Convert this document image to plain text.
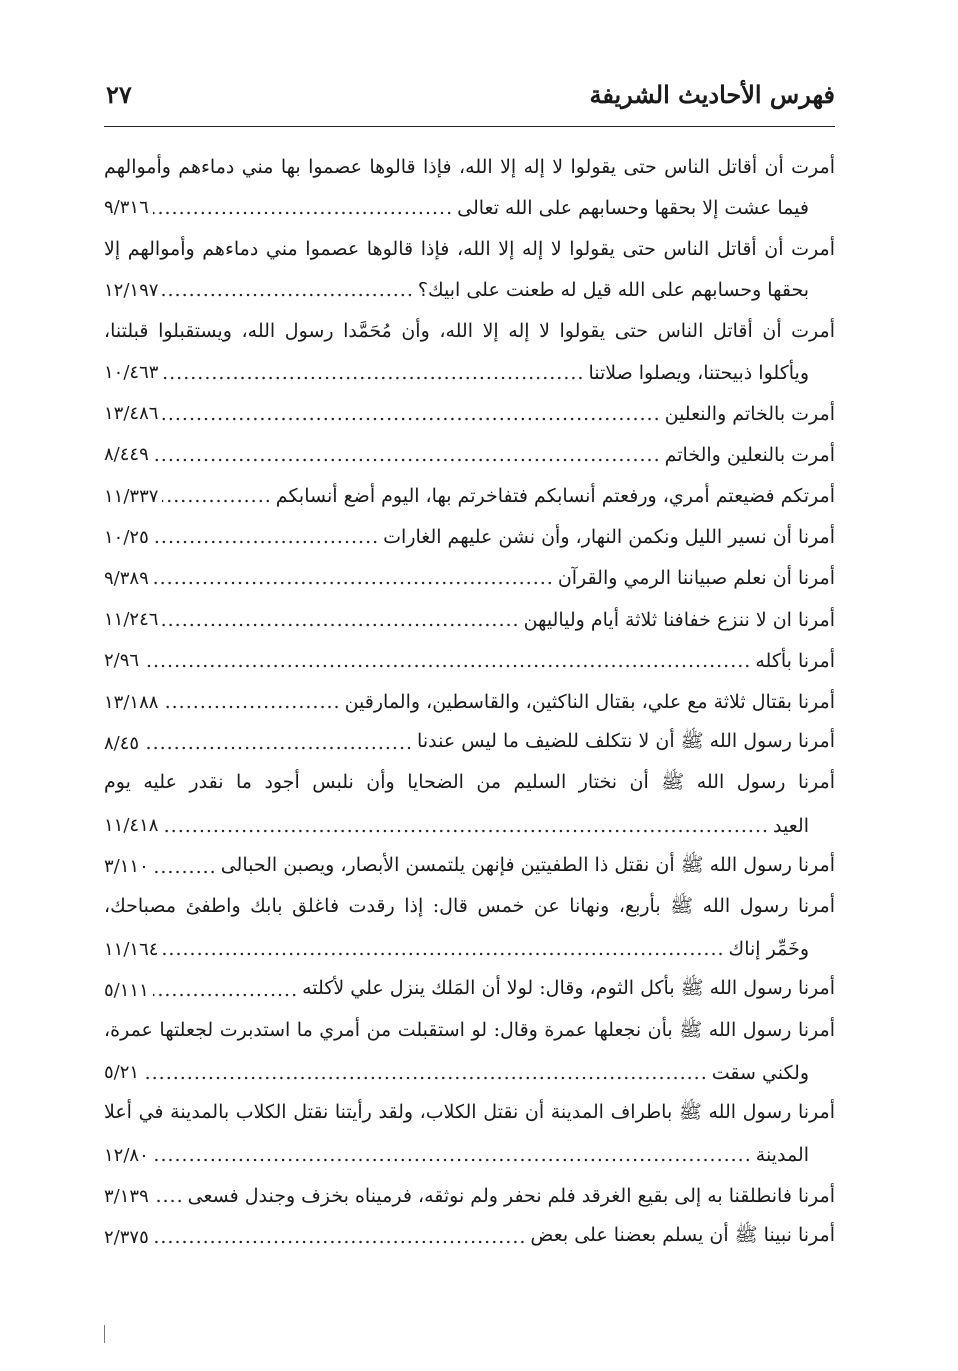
فهرس الأحاديث الشريفة
٢٧
أمرت أن أقاتل الناس حتى يقولوا لا إله إلا الله، فإذا قالوها عصموا بها مني دماءهم وأموالهم
فيما عشت إلا بحقها وحسابهم على الله تعالى
.....
٩/٣١٦
أمرت أن أقاتل الناس حتى يقولوا لا إله إلا الله، فإذا قالوها عصموا مني دماءهم وأموالهم إلا
بحقها وحسابهم على الله قيل له طعنت على ابيك؟
.....
١٢/١٩٧
أمرت أن أقاتل الناس حتى يقولوا لا إله إلا الله، وأن مُحَمَّدا رسول الله، ويستقبلوا قبلتنا،
ويأكلوا ذبيحتنا، ويصلوا صلاتنا
.....
١٠/٤٦٣
أمرت بالخاتم والنعلين
.....
١٣/٤٨٦
أمرت بالنعلين والخاتم
.....
٨/٤٤٩
أمرتكم فضيعتم أمري، ورفعتم أنسابكم فتفاخرتم بها، اليوم أضع أنسابكم
.....
١١/٣٣٧
أمرنا أن نسير الليل ونكمن النهار، وأن نشن عليهم الغارات
.....
١٠/٢٥
أمرنا أن نعلم صبياننا الرمي والقرآن
.....
٩/٣٨٩
أمرنا ان لا ننزع خفافنا ثلاثة أيام ولياليهن
.....
١١/٢٤٦
أمرنا بأكله
.....
٢/٩٦
أمرنا بقتال ثلاثة مع علي، بقتال الناكثين، والقاسطين، والمارقين
.....
١٣/١٨٨
أمرنا رسول الله ﷺ أن لا نتكلف للضيف ما ليس عندنا
.....
٨/٤٥
أمرنا رسول الله ﷺ أن نختار السليم من الضحايا وأن نلبس أجود ما نقدر عليه يوم
العيد
.....
١١/٤١٨
أمرنا رسول الله ﷺ أن نقتل ذا الطفيتين فإنهن يلتمسن الأبصار، ويصبن الحبالى
.....
٣/١١٠
أمرنا رسول الله ﷺ بأربع، ونهانا عن خمس قال: إذا رقدت فاغلق بابك واطفئ مصباحك،
وخَمِّر إناك
.....
١١/١٦٤
أمرنا رسول الله ﷺ بأكل الثوم، وقال: لولا أن المَلك ينزل علي لأكلته
.....
٥/١١١
أمرنا رسول الله ﷺ بأن نجعلها عمرة وقال: لو استقبلت من أمري ما استدبرت لجعلتها عمرة،
ولكني سقت
.....
٥/٢١
أمرنا رسول الله ﷺ باطراف المدينة أن نقتل الكلاب، ولقد رأيتنا نقتل الكلاب بالمدينة في أعلا
المدينة
.....
١٢/٨٠
أمرنا فانطلقنا به إلى بقيع الغرقد فلم نحفر ولم نوثقه، فرميناه بخزف وجندل فسعى
.....
٣/١٣٩
أمرنا نبينا ﷺ أن يسلم بعضنا على بعض
.....
٢/٣٧٥
